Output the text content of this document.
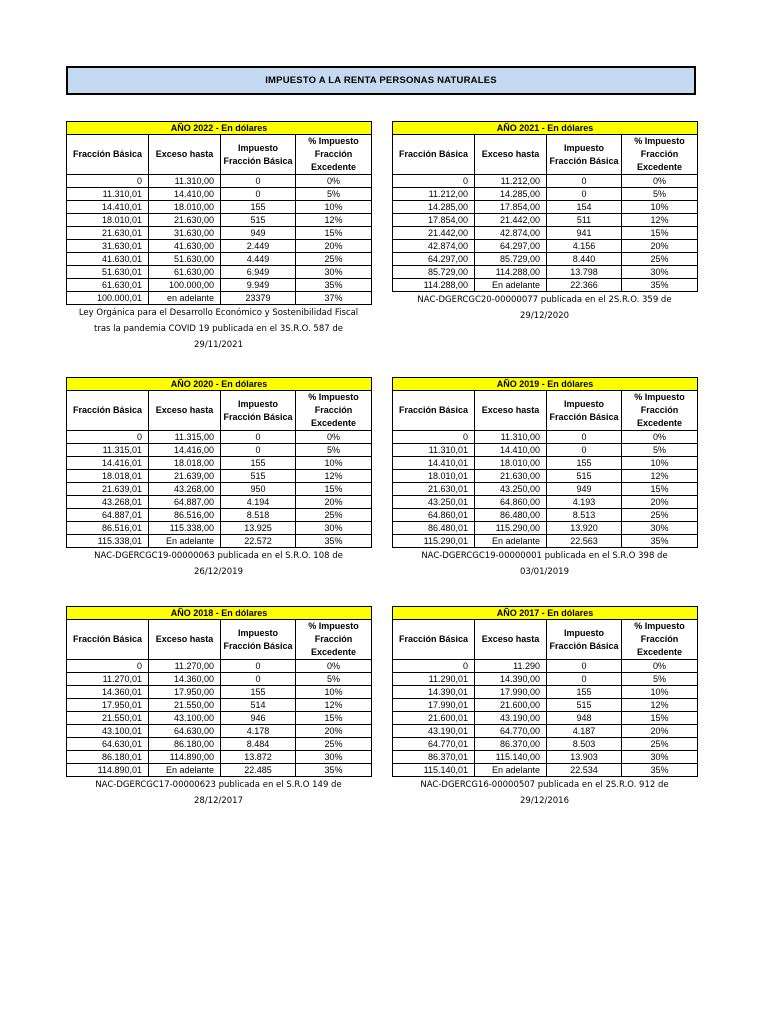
IMPUESTO A LA RENTA PERSONAS NATURALES
AÑO 2022 - En dólares			
Fracción Básica	Exceso hasta	Impuesto Fracción Básica	% Impuesto Fracción Excedente
0	11.310,00	0	0%
11.310,01	14.410,00	0	5%
14.410,01	18.010,00	155	10%
18.010,01	21.630,00	515	12%
21.630,01	31.630,00	949	15%
31.630,01	41.630,00	2.449	20%
41.630,01	51.630,00	4.449	25%
51.630,01	61.630,00	6.949	30%
61.630,01	100.000,00	9.949	35%
100.000,01	en adelante	23379	37%
Ley Orgánica para el Desarrollo Económico y Sostenibilidad Fiscal
tras la pandemia COVID 19 publicada en el 3S.R.O. 587 de
29/11/2021
AÑO 2021 - En dólares			
Fracción Básica	Exceso hasta	Impuesto Fracción Básica	% Impuesto Fracción Excedente
0	11.212,00	0	0%
11.212,00	14.285,00	0	5%
14.285,00	17.854,00	154	10%
17.854,00	21.442,00	511	12%
21.442,00	42.874,00	941	15%
42.874,00	64.297,00	4.156	20%
64.297,00	85.729,00	8.440	25%
85.729,00	114.288,00	13.798	30%
114.288,00	En adelante	22.366	35%
NAC-DGERCGC20-00000077 publicada en el 2S.R.O. 359 de
29/12/2020
AÑO 2020 - En dólares			
Fracción Básica	Exceso hasta	Impuesto Fracción Básica	% Impuesto Fracción Excedente
0	11.315,00	0	0%
11.315,01	14.416,00	0	5%
14.416,01	18.018,00	155	10%
18.018,01	21.639,00	515	12%
21.639,01	43.268,00	950	15%
43.268,01	64.887,00	4.194	20%
64.887,01	86.516,00	8.518	25%
86.516,01	115.338,00	13.925	30%
115.338,01	En adelante	22.572	35%
NAC-DGERCGC19-00000063 publicada en el S.R.O. 108 de
26/12/2019
AÑO 2019 - En dólares			
Fracción Básica	Exceso hasta	Impuesto Fracción Básica	% Impuesto Fracción Excedente
0	11.310,00	0	0%
11.310,01	14.410,00	0	5%
14.410,01	18.010,00	155	10%
18.010,01	21.630,00	515	12%
21.630,01	43.250,00	949	15%
43.250,01	64.860,00	4.193	20%
64.860,01	86.480,00	8.513	25%
86.480,01	115.290,00	13.920	30%
115.290,01	En adelante	22.563	35%
NAC-DGERCGC19-00000001 publicada en el S.R.O 398 de
03/01/2019
AÑO 2018 - En dólares			
Fracción Básica	Exceso hasta	Impuesto Fracción Básica	% Impuesto Fracción Excedente
0	11.270,00	0	0%
11.270,01	14.360,00	0	5%
14.360,01	17.950,00	155	10%
17.950,01	21.550,00	514	12%
21.550,01	43.100,00	946	15%
43.100,01	64.630,00	4.178	20%
64.630,01	86.180,00	8.484	25%
86.180,01	114.890,00	13.872	30%
114.890,01	En adelante	22.485	35%
NAC-DGERCGC17-00000623 publicada en el S.R.O 149 de
28/12/2017
AÑO 2017 - En dólares			
Fracción Básica	Exceso hasta	Impuesto Fracción Básica	% Impuesto Fracción Excedente
0	11.290	0	0%
11.290,01	14.390,00	0	5%
14.390,01	17.990,00	155	10%
17.990,01	21.600,00	515	12%
21.600,01	43.190,00	948	15%
43.190,01	64.770,00	4.187	20%
64.770,01	86.370,00	8.503	25%
86.370,01	115.140,00	13.903	30%
115.140,01	En adelante	22.534	35%
NAC-DGERCG16-00000507 publicada en el 2S.R.O. 912 de
29/12/2016
